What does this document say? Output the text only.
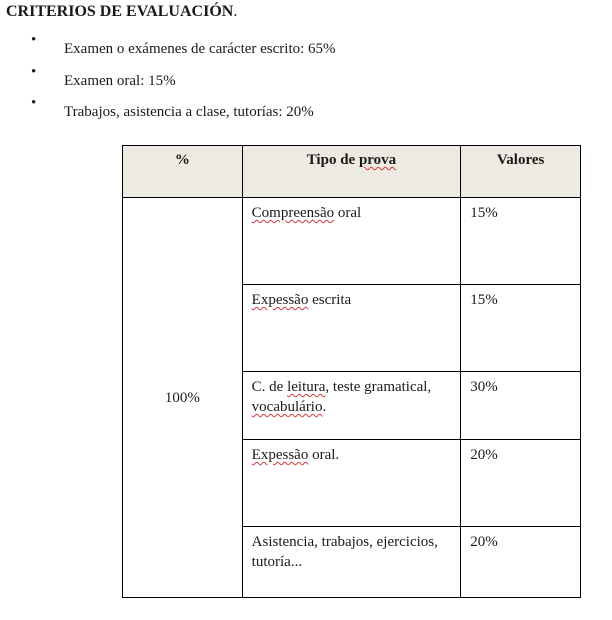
CRITERIOS DE EVALUACIÓN.
•
Examen o exámenes de carácter escrito: 65%
•
Examen oral: 15%
•
Trabajos, asistencia a clase, tutorías: 20%
%	Tipo de prova	Valores
100%	Compreensão oral	15%
	Expessão escrita	15%
	C. de leitura, teste gramatical, vocabulário.	30%
	Expessão oral.	20%
	Asistencia, trabajos, ejercicios, tutoría...	20%
